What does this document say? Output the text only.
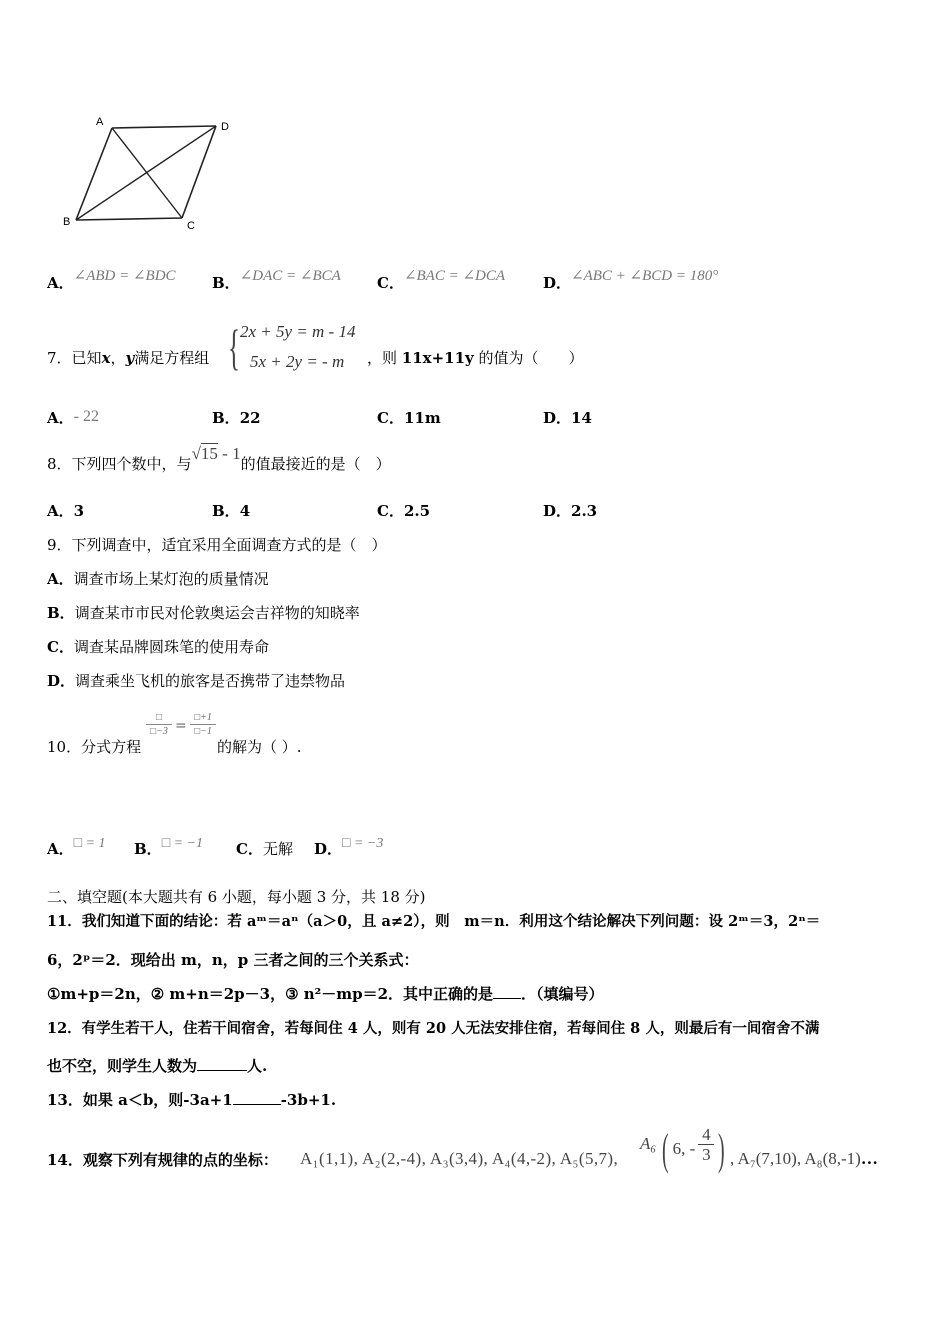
A	D
B	C
A．∠ABD = ∠BDC B．∠DAC = ∠BCA C．∠BAC = ∠DCA	D．∠ABC + ∠BCD = 180°
7．已知x，y满足方程组 { 2x + 5y = m - 14
5x + 2y = - m ，则 11x+11y 的值为（　　）
A．- 22	B．22	C．11m	D．14
8．下列四个数中，与√15 - 1的值最接近的是（　）
A．3	B．4	C．2.5	D．2.3
9．下列调查中，适宜采用全面调查方式的是（　）
A．调查市场上某灯泡的质量情况
B．调查某市市民对伦敦奥运会吉祥物的知晓率
C．调查某品牌圆珠笔的使用寿命
D．调查乘坐飞机的旅客是否携带了违禁物品
10．分式方程
□
□−3 =
□+1
□−1
的解为（ ）.
A．□ = 1 B．□ = −1 C．无解 D．□ = −3
二、填空题(本大题共有 6 小题，每小题 3 分，共 18 分)
11．我们知道下面的结论：若 aᵐ＝aⁿ（a＞0，且 a≠2），则　m＝n．利用这个结论解决下列问题：设 2ᵐ＝3，2ⁿ＝
6，2ᵖ＝2．现给出 m，n，p 三者之间的三个关系式：
①m+p＝2n，② m+n＝2p－3，③ n²－mp＝2．其中正确的是 ．（填编号）
12．有学生若干人，住若干间宿舍，若每间住 4 人，则有 20 人无法安排住宿，若每间住 8 人，则最后有一间宿舍不满
也不空，则学生人数为	人.
13．如果 a＜b，则-3a+1	-3b+1.
14．观察下列有规律的点的坐标： A₁(1,1), A₂(2,-4), A₃(3,4), A₄(4,-2), A₅(5,7),
A₆ ( 6, - $\frac{4}{3}$ ) , A₇(7,10), A₈(8,-1)…
